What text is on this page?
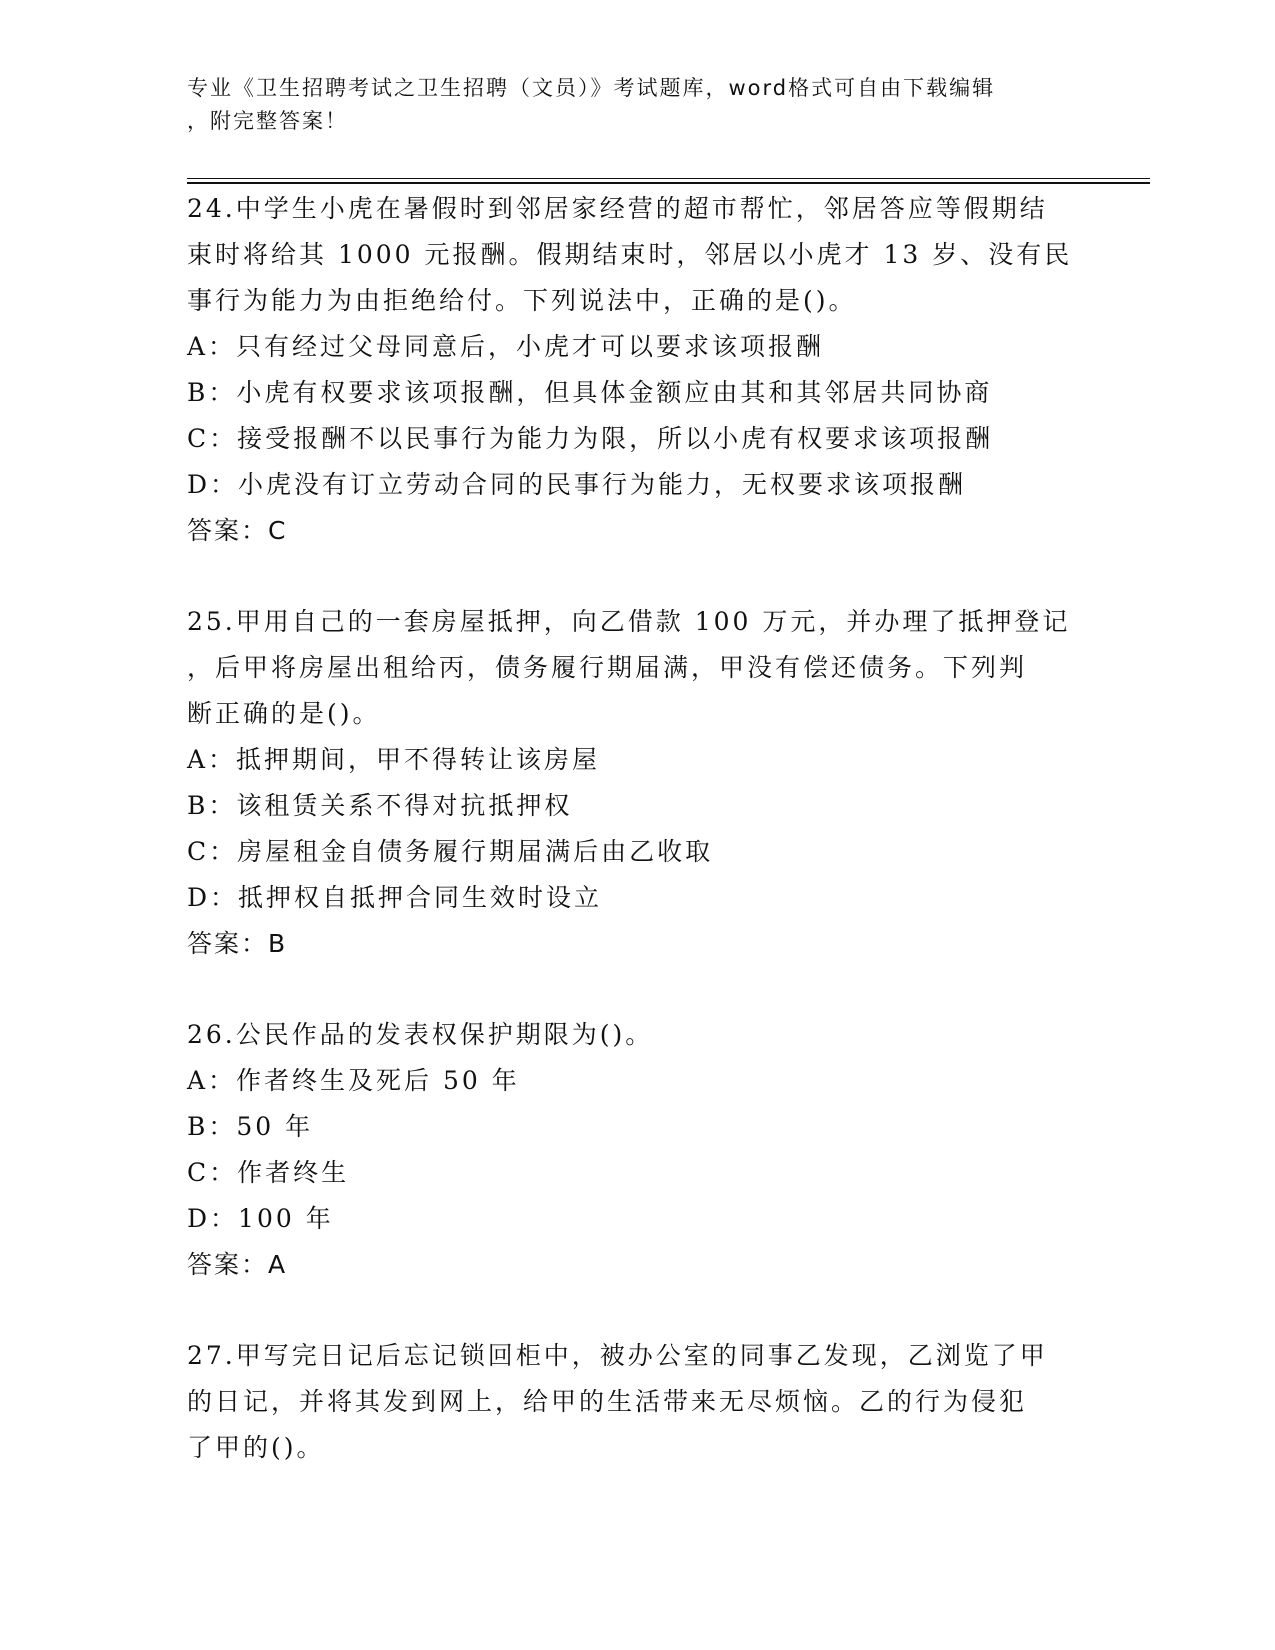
专业《卫生招聘考试之卫生招聘（文员）》考试题库，word格式可自由下载编辑
，附完整答案！
24.中学生小虎在暑假时到邻居家经营的超市帮忙，邻居答应等假期结
束时将给其 1000 元报酬。假期结束时，邻居以小虎才 13 岁、没有民
事行为能力为由拒绝给付。下列说法中，正确的是()。
A：只有经过父母同意后，小虎才可以要求该项报酬
B：小虎有权要求该项报酬，但具体金额应由其和其邻居共同协商
C：接受报酬不以民事行为能力为限，所以小虎有权要求该项报酬
D：小虎没有订立劳动合同的民事行为能力，无权要求该项报酬
答案：C
25.甲用自己的一套房屋抵押，向乙借款 100 万元，并办理了抵押登记
，后甲将房屋出租给丙，债务履行期届满，甲没有偿还债务。下列判
断正确的是()。
A：抵押期间，甲不得转让该房屋
B：该租赁关系不得对抗抵押权
C：房屋租金自债务履行期届满后由乙收取
D：抵押权自抵押合同生效时设立
答案：B
26.公民作品的发表权保护期限为()。
A：作者终生及死后 50 年
B：50 年
C：作者终生
D：100 年
答案：A
27.甲写完日记后忘记锁回柜中，被办公室的同事乙发现，乙浏览了甲
的日记，并将其发到网上，给甲的生活带来无尽烦恼。乙的行为侵犯
了甲的()。
